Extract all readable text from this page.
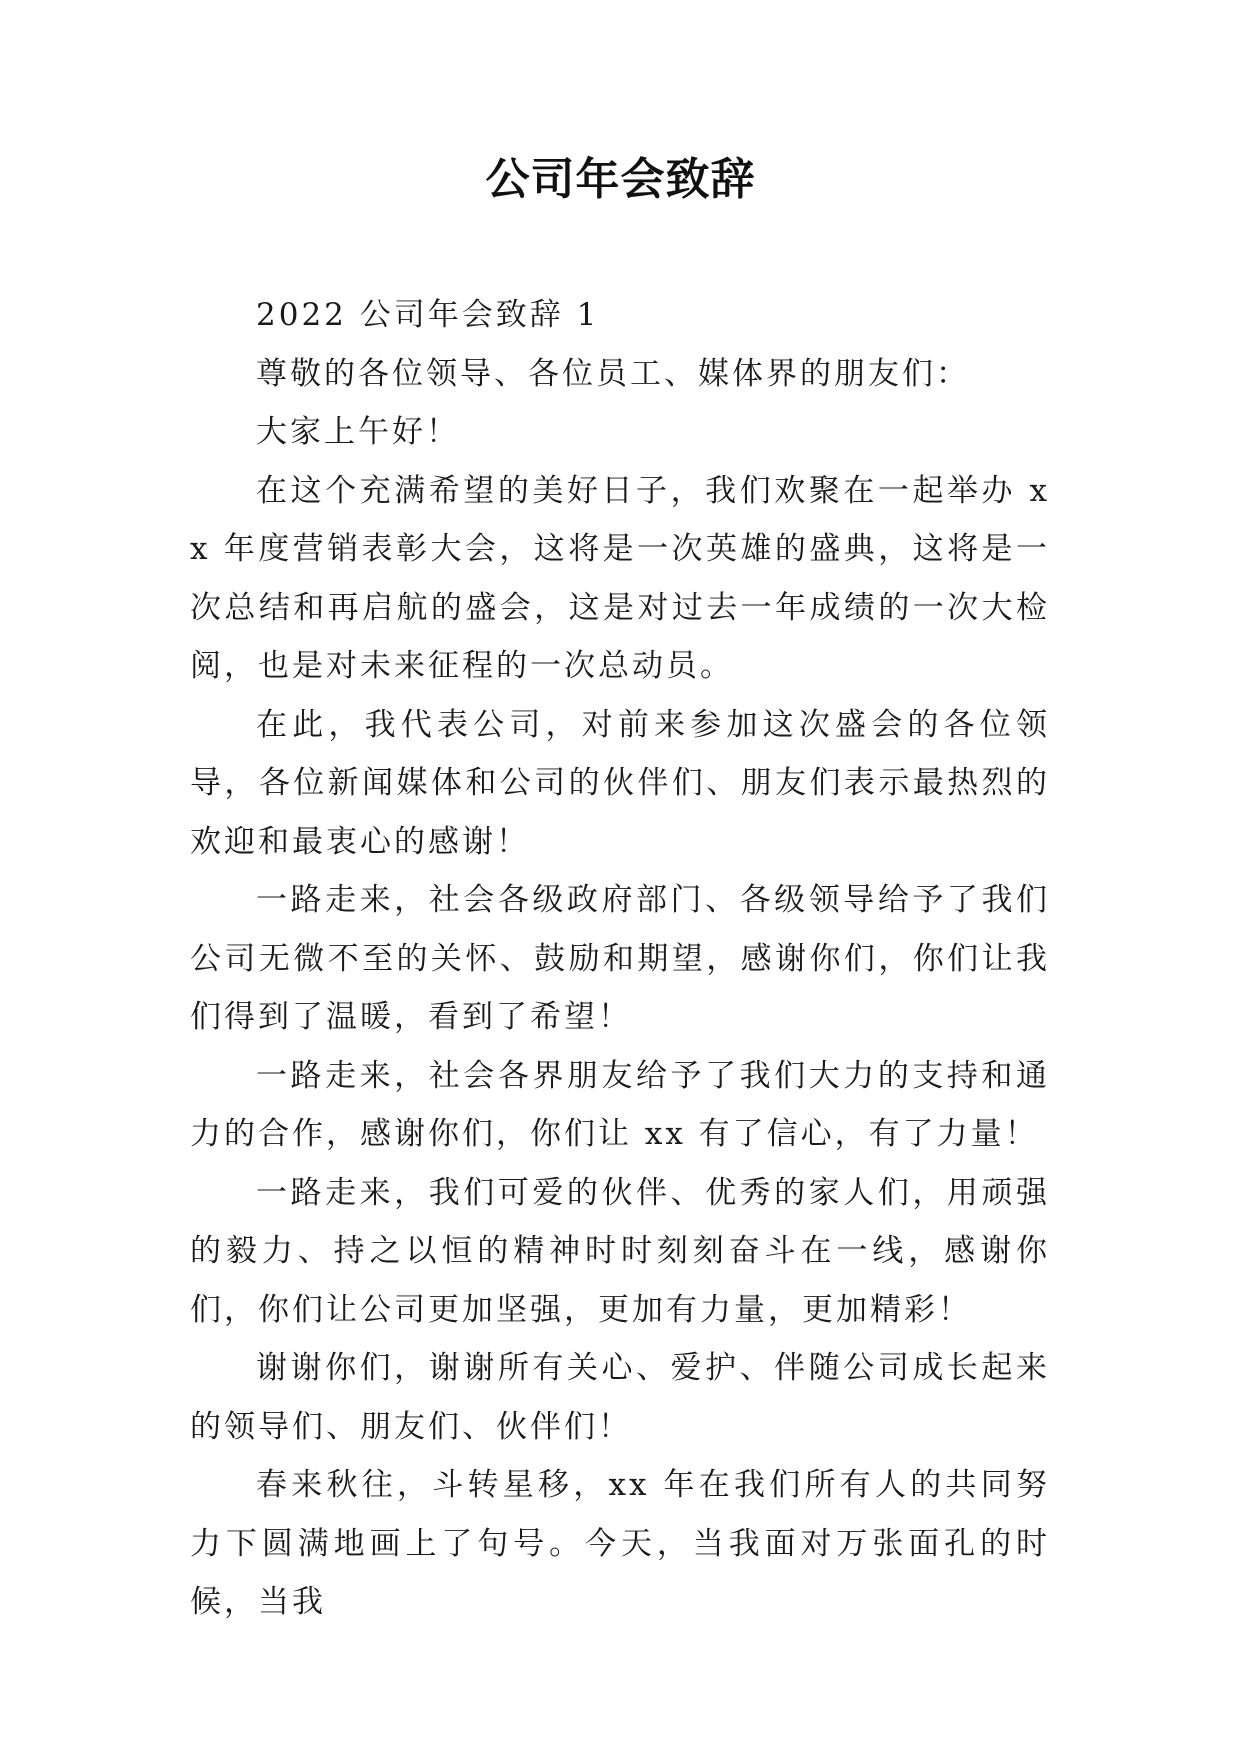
公司年会致辞

2022 公司年会致辞 1

尊敬的各位领导、各位员工、媒体界的朋友们：

大家上午好！

在这个充满希望的美好日子，我们欢聚在一起举办 xx 年度营销表彰大会，这将是一次英雄的盛典，这将是一次总结和再启航的盛会，这是对过去一年成绩的一次大检阅，也是对未来征程的一次总动员。

在此，我代表公司，对前来参加这次盛会的各位领导，各位新闻媒体和公司的伙伴们、朋友们表示最热烈的欢迎和最衷心的感谢！

一路走来，社会各级政府部门、各级领导给予了我们公司无微不至的关怀、鼓励和期望，感谢你们，你们让我们得到了温暖，看到了希望！

一路走来，社会各界朋友给予了我们大力的支持和通力的合作，感谢你们，你们让 xx 有了信心，有了力量！

一路走来，我们可爱的伙伴、优秀的家人们，用顽强的毅力、持之以恒的精神时时刻刻奋斗在一线，感谢你们，你们让公司更加坚强，更加有力量，更加精彩！

谢谢你们，谢谢所有关心、爱护、伴随公司成长起来的领导们、朋友们、伙伴们！

春来秋往，斗转星移，xx 年在我们所有人的共同努力下圆满地画上了句号。今天，当我面对万张面孔的时候，当我
